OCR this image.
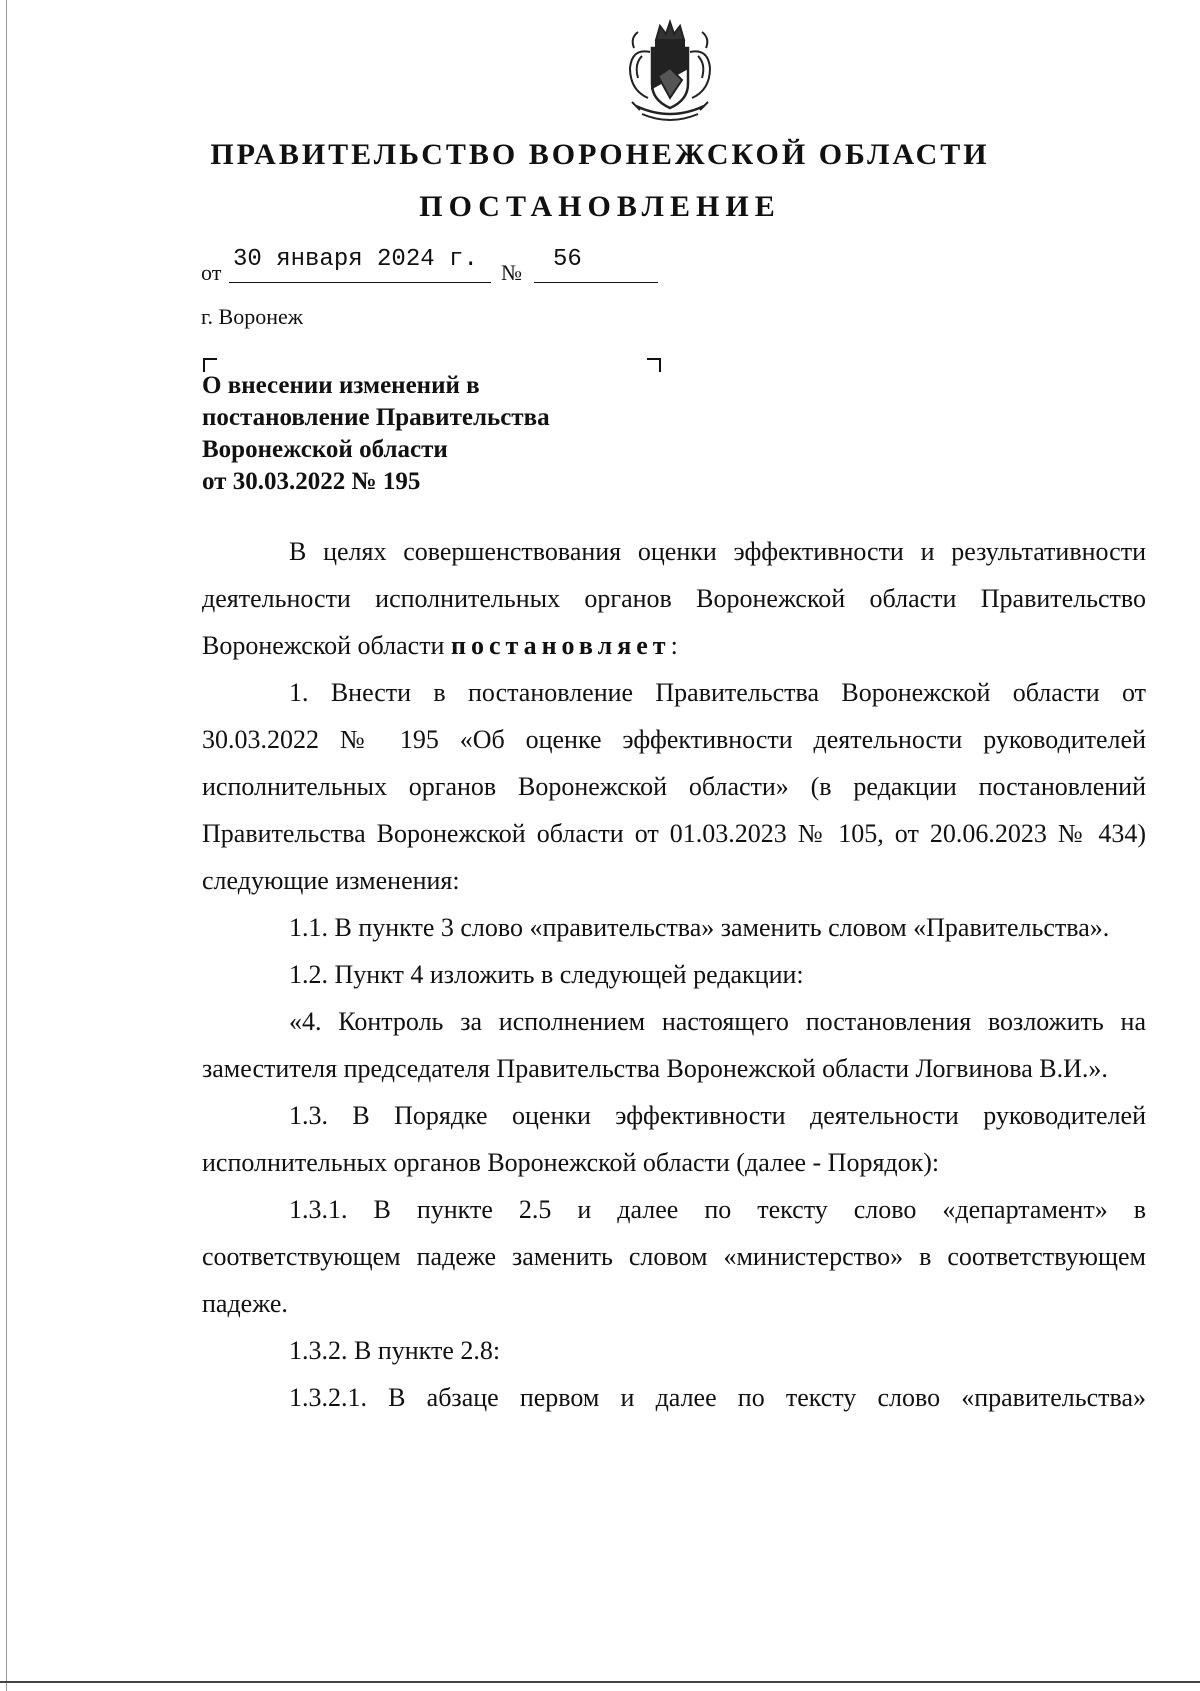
ПРАВИТЕЛЬСТВО ВОРОНЕЖСКОЙ ОБЛАСТИ
ПОСТАНОВЛЕНИЕ
от 30 января 2024 г. № 56
г. Воронеж
О внесении изменений в
постановление Правительства
Воронежской области
от 30.03.2022 № 195

В целях совершенствования оценки эффективности и результативности деятельности исполнительных органов Воронежской области Правительство Воронежской области постановляет:

1. Внести в постановление Правительства Воронежской области от 30.03.2022 № 195 «Об оценке эффективности деятельности руководителей исполнительных органов Воронежской области» (в редакции постановлений Правительства Воронежской области от 01.03.2023 № 105, от 20.06.2023 № 434) следующие изменения:

1.1. В пункте 3 слово «правительства» заменить словом «Правительства».

1.2. Пункт 4 изложить в следующей редакции:

«4. Контроль за исполнением настоящего постановления возложить на заместителя председателя Правительства Воронежской области Логвинова В.И.».

1.3. В Порядке оценки эффективности деятельности руководителей исполнительных органов Воронежской области (далее - Порядок):

1.3.1. В пункте 2.5 и далее по тексту слово «департамент» в соответствующем падеже заменить словом «министерство» в соответствующем падеже.

1.3.2. В пункте 2.8:

1.3.2.1. В абзаце первом и далее по тексту слово «правительства»
